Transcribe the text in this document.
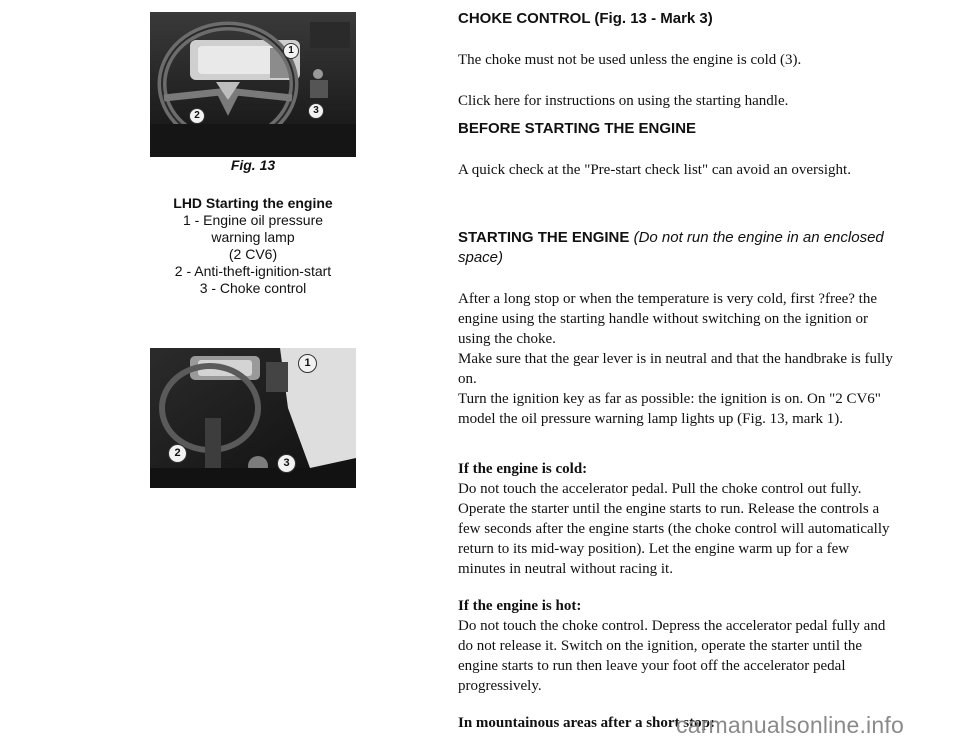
1
2	3
Fig. 13
LHD Starting the engine
1 - Engine oil pressure
warning lamp
(2 CV6)
2 - Anti-theft-ignition-start
3 - Choke control
1
2
3
CHOKE CONTROL (Fig. 13 - Mark 3)
The choke must not be used unless the engine is cold (3).
Click here for instructions on using the starting handle.
BEFORE STARTING THE ENGINE
A quick check at the "Pre-start check list" can avoid an oversight.
STARTING THE ENGINE (Do not run the engine in an enclosed space)
After a long stop or when the temperature is very cold, first ?free? the engine using the starting handle without switching on the ignition or using the choke.
Make sure that the gear lever is in neutral and that the handbrake is fully on.
Turn the ignition key as far as possible: the ignition is on. On "2 CV6" model the oil pressure warning lamp lights up (Fig. 13, mark 1).
If the engine is cold:
Do not touch the accelerator pedal. Pull the choke control out fully. Operate the starter until the engine starts to run. Release the controls a few seconds after the engine starts (the choke control will automatically return to its mid-way position). Let the engine warm up for a few minutes in neutral without racing it.
If the engine is hot:
Do not touch the choke control. Depress the accelerator pedal fully and do not release it. Switch on the ignition, operate the starter until the engine starts to run then leave your foot off the accelerator pedal progressively.
In mountainous areas after a short stop:
carmanualsonline.info
